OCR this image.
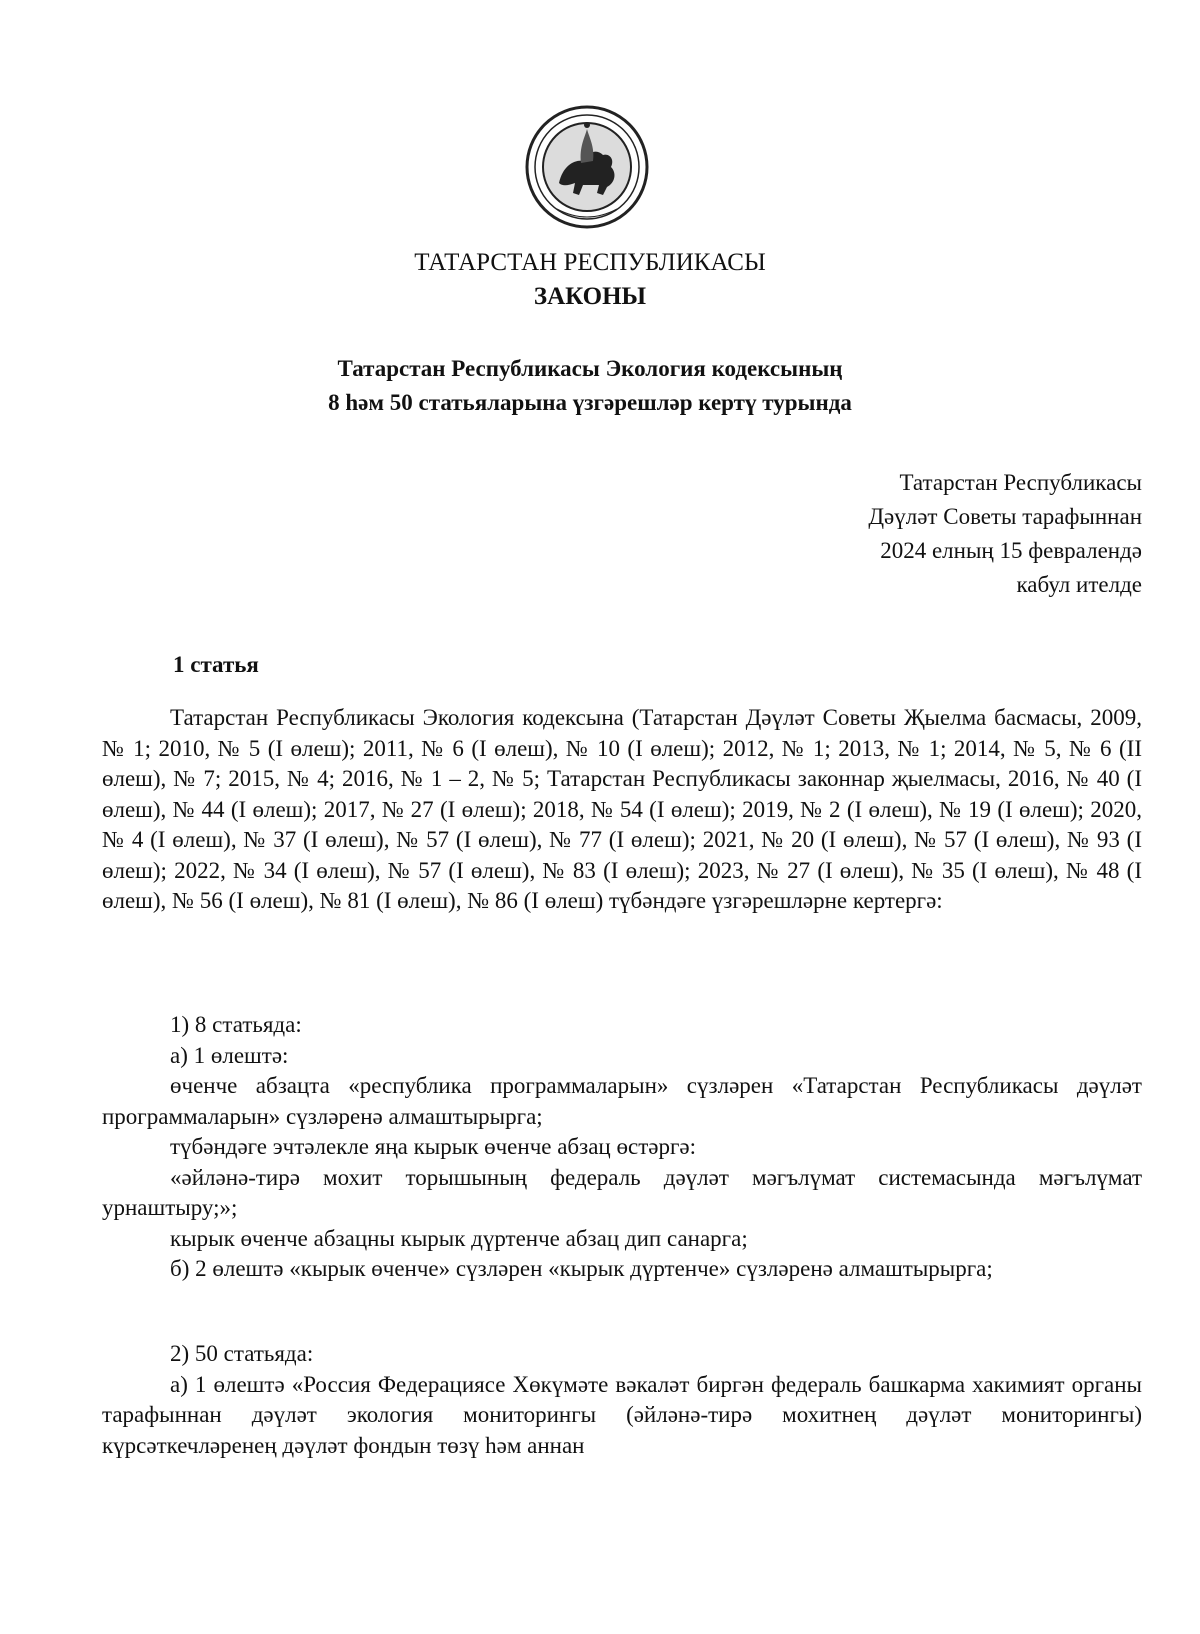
ТАТАРСТАН РЕСПУБЛИКАСЫ
ЗАКОНЫ
Татарстан Республикасы Экология кодексының
8 һәм 50 статьяларына үзгәрешләр кертү турында
Татарстан Республикасы
Дәүләт Советы тарафыннан
2024 елның 15 февралендә
кабул ителде
1 статья

Татарстан Республикасы Экология кодексына (Татарстан Дәүләт Советы Җыелма басмасы, 2009, № 1; 2010, № 5 (I өлеш); 2011, № 6 (I өлеш), № 10 (I өлеш); 2012, № 1; 2013, № 1; 2014, № 5, № 6 (II өлеш), № 7; 2015, № 4; 2016, № 1 – 2, № 5; Татарстан Республикасы законнар җыелмасы, 2016, № 40 (I өлеш), № 44 (I өлеш); 2017, № 27 (I өлеш); 2018, № 54 (I өлеш); 2019, № 2 (I өлеш), № 19 (I өлеш); 2020, № 4 (I өлеш), № 37 (I өлеш), № 57 (I өлеш), № 77 (I өлеш); 2021, № 20 (I өлеш), № 57 (I өлеш), № 93 (I өлеш); 2022, № 34 (I өлеш), № 57 (I өлеш), № 83 (I өлеш); 2023, № 27 (I өлеш), № 35 (I өлеш), № 48 (I өлеш), № 56 (I өлеш), № 81 (I өлеш), № 86 (I өлеш) түбәндәге үзгәрешләрне кертергә:

1) 8 статьяда:

а) 1 өлештә:

өченче абзацта «республика программаларын» сүзләрен «Татарстан Республикасы дәүләт программаларын» сүзләренә алмаштырырга;

түбәндәге эчтәлекле яңа кырык өченче абзац өстәргә:

«әйләнә-тирә мохит торышының федераль дәүләт мәгълүмат системасында мәгълүмат урнаштыру;»;

кырык өченче абзацны кырык дүртенче абзац дип санарга;

б) 2 өлештә «кырык өченче» сүзләрен «кырык дүртенче» сүзләренә алмаштырырга;

2) 50 статьяда:

а) 1 өлештә «Россия Федерациясе Хөкүмәте вәкаләт биргән федераль башкарма хакимият органы тарафыннан дәүләт экология мониторингы (әйләнә-тирә мохитнең дәүләт мониторингы) күрсәткечләренең дәүләт фондын төзү һәм аннан
